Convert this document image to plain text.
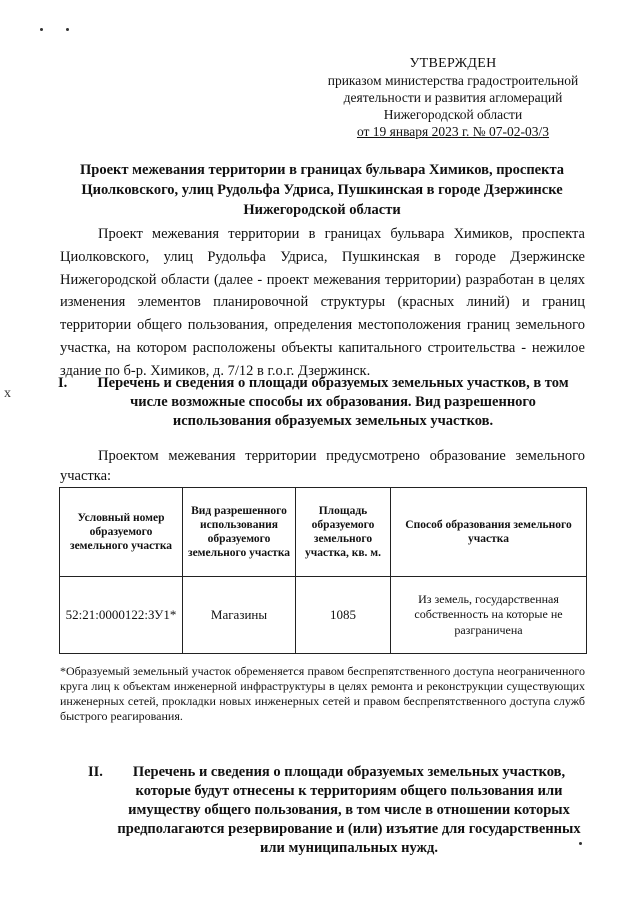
УТВЕРЖДЕН
приказом министерства градостроительной
деятельности и развития агломераций
Нижегородской области
от 19 января 2023 г. № 07-02-03/3
Проект межевания территории в границах бульвара Химиков, проспекта Циолковского, улиц Рудольфа Удриса, Пушкинская в городе Дзержинске Нижегородской области
Проект межевания территории в границах бульвара Химиков, проспекта Циолковского, улиц Рудольфа Удриса, Пушкинская в городе Дзержинске Нижегородской области (далее - проект межевания территории) разработан в целях изменения элементов планировочной структуры (красных линий) и границ территории общего пользования, определения местоположения границ земельного участка, на котором расположены объекты капитального строительства - нежилое здание по б-р. Химиков, д. 7/12 в г.о.г. Дзержинск.
I.	Перечень и сведения о площади образуемых земельных участков, в том числе возможные способы их образования. Вид разрешенного использования образуемых земельных участков.
x
Проектом межевания территории предусмотрено образование земельного участка:
Условный номер образуемого земельного участка	Вид разрешенного использования образуемого земельного участка	Площадь образуемого земельного участка, кв. м.	Способ образования земельного участка
52:21:0000122:ЗУ1*	Магазины	1085	Из земель, государственная собственность на которые не разграничена
*Образуемый земельный участок обременяется правом беспрепятственного доступа неограниченного круга лиц к объектам инженерной инфраструктуры в целях ремонта и реконструкции существующих инженерных сетей, прокладки новых инженерных сетей и правом беспрепятственного доступа служб быстрого реагирования.
II.	Перечень и сведения о площади образуемых земельных участков, которые будут отнесены к территориям общего пользования или имуществу общего пользования, в том числе в отношении которых предполагаются резервирование и (или) изъятие для государственных или муниципальных нужд.
